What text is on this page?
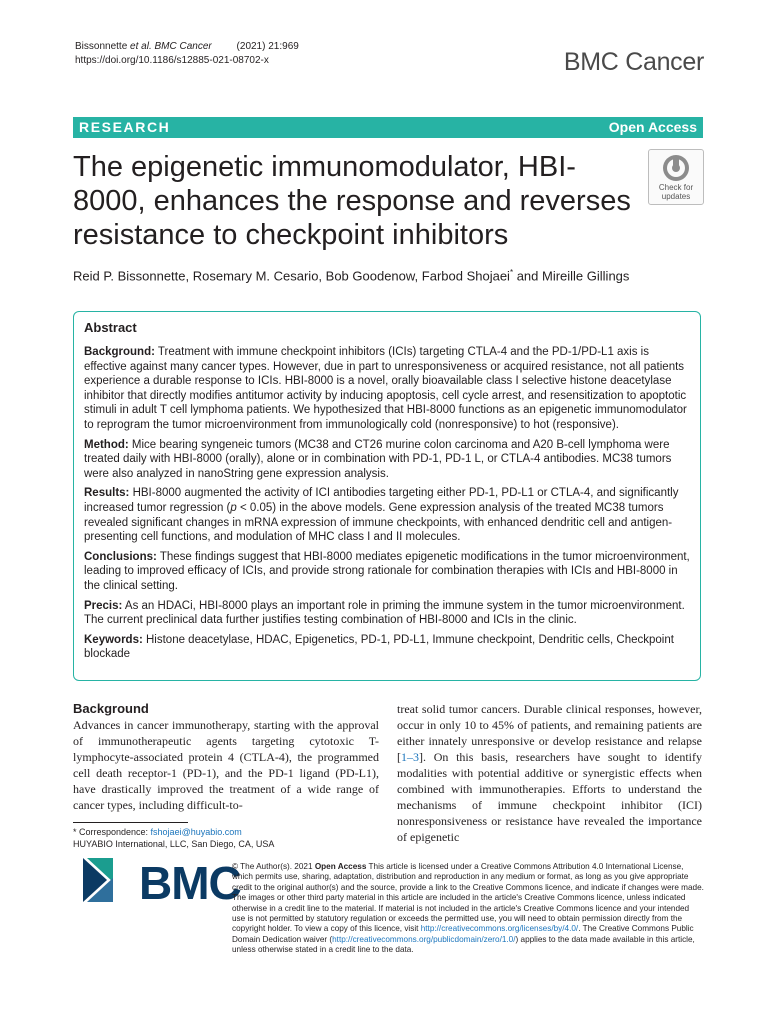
Bissonnette et al. BMC Cancer (2021) 21:969
https://doi.org/10.1186/s12885-021-08702-x	BMC Cancer
RESEARCH	Open Access
The epigenetic immunomodulator, HBI-8000, enhances the response and reverses resistance to checkpoint inhibitors
Check for updates
Reid P. Bissonnette, Rosemary M. Cesario, Bob Goodenow, Farbod Shojaei* and Mireille Gillings
Abstract

Background: Treatment with immune checkpoint inhibitors (ICIs) targeting CTLA-4 and the PD-1/PD-L1 axis is effective against many cancer types. However, due in part to unresponsiveness or acquired resistance, not all patients experience a durable response to ICIs. HBI-8000 is a novel, orally bioavailable class I selective histone deacetylase inhibitor that directly modifies antitumor activity by inducing apoptosis, cell cycle arrest, and resensitization to apoptotic stimuli in adult T cell lymphoma patients. We hypothesized that HBI-8000 functions as an epigenetic immunomodulator to reprogram the tumor microenvironment from immunologically cold (nonresponsive) to hot (responsive).

Method: Mice bearing syngeneic tumors (MC38 and CT26 murine colon carcinoma and A20 B-cell lymphoma were treated daily with HBI-8000 (orally), alone or in combination with PD-1, PD-1 L, or CTLA-4 antibodies. MC38 tumors were also analyzed in nanoString gene expression analysis.

Results: HBI-8000 augmented the activity of ICI antibodies targeting either PD-1, PD-L1 or CTLA-4, and significantly increased tumor regression (p < 0.05) in the above models. Gene expression analysis of the treated MC38 tumors revealed significant changes in mRNA expression of immune checkpoints, with enhanced dendritic cell and antigen-presenting cell functions, and modulation of MHC class I and II molecules.

Conclusions: These findings suggest that HBI-8000 mediates epigenetic modifications in the tumor microenvironment, leading to improved efficacy of ICIs, and provide strong rationale for combination therapies with ICIs and HBI-8000 in the clinical setting.

Precis: As an HDACi, HBI-8000 plays an important role in priming the immune system in the tumor microenvironment. The current preclinical data further justifies testing combination of HBI-8000 and ICIs in the clinic.

Keywords: Histone deacetylase, HDAC, Epigenetics, PD-1, PD-L1, Immune checkpoint, Dendritic cells, Checkpoint blockade

Background
Advances in cancer immunotherapy, starting with the approval of immunotherapeutic agents targeting cytotoxic T-lymphocyte-associated protein 4 (CTLA-4), the programmed cell death receptor-1 (PD-1), and the PD-1 ligand (PD-L1), have drastically improved the treatment of a wide range of cancer types, including difficult-to-
treat solid tumor cancers. Durable clinical responses, however, occur in only 10 to 45% of patients, and remaining patients are either innately unresponsive or develop resistance and relapse [1–3]. On this basis, researchers have sought to identify modalities with potential additive or synergistic effects when combined with immunotherapies. Efforts to understand the mechanisms of immune checkpoint inhibitor (ICI) nonresponsiveness or resistance have revealed the importance of epigenetic
* Correspondence: fshojaei@huyabio.com
HUYABIO International, LLC, San Diego, CA, USA
BMC
© The Author(s). 2021 Open Access This article is licensed under a Creative Commons Attribution 4.0 International License, which permits use, sharing, adaptation, distribution and reproduction in any medium or format, as long as you give appropriate credit to the original author(s) and the source, provide a link to the Creative Commons licence, and indicate if changes were made. The images or other third party material in this article are included in the article's Creative Commons licence, unless indicated otherwise in a credit line to the material. If material is not included in the article's Creative Commons licence and your intended use is not permitted by statutory regulation or exceeds the permitted use, you will need to obtain permission directly from the copyright holder. To view a copy of this licence, visit http://creativecommons.org/licenses/by/4.0/. The Creative Commons Public Domain Dedication waiver (http://creativecommons.org/publicdomain/zero/1.0/) applies to the data made available in this article, unless otherwise stated in a credit line to the data.
